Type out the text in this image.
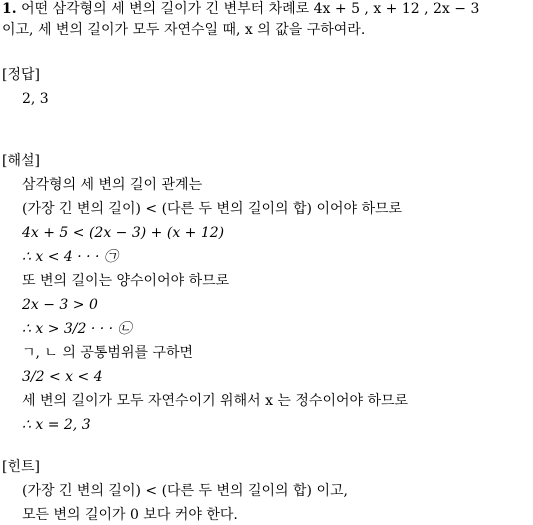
1. 어떤 삼각형의 세 변의 길이가 긴 변부터 차례로 4x + 5 , x + 12 , 2x − 3
이고, 세 변의 길이가 모두 자연수일 때, x 의 값을 구하여라.
[정답]
2, 3
[해설]
삼각형의 세 변의 길이 관계는
(가장 긴 변의 길이) < (다른 두 변의 길이의 합) 이어야 하므로
4x + 5 < (2x − 3) + (x + 12)
∴ x < 4 · · · ㉠
또 변의 길이는 양수이어야 하므로
2x − 3 > 0
∴ x > 3/2 · · · ㉡
ㄱ, ㄴ 의 공통범위를 구하면
3/2 < x < 4
세 변의 길이가 모두 자연수이기 위해서 x 는 정수이어야 하므로
∴ x = 2, 3
[힌트]
(가장 긴 변의 길이) < (다른 두 변의 길이의 합) 이고,
모든 변의 길이가 0 보다 커야 한다.
